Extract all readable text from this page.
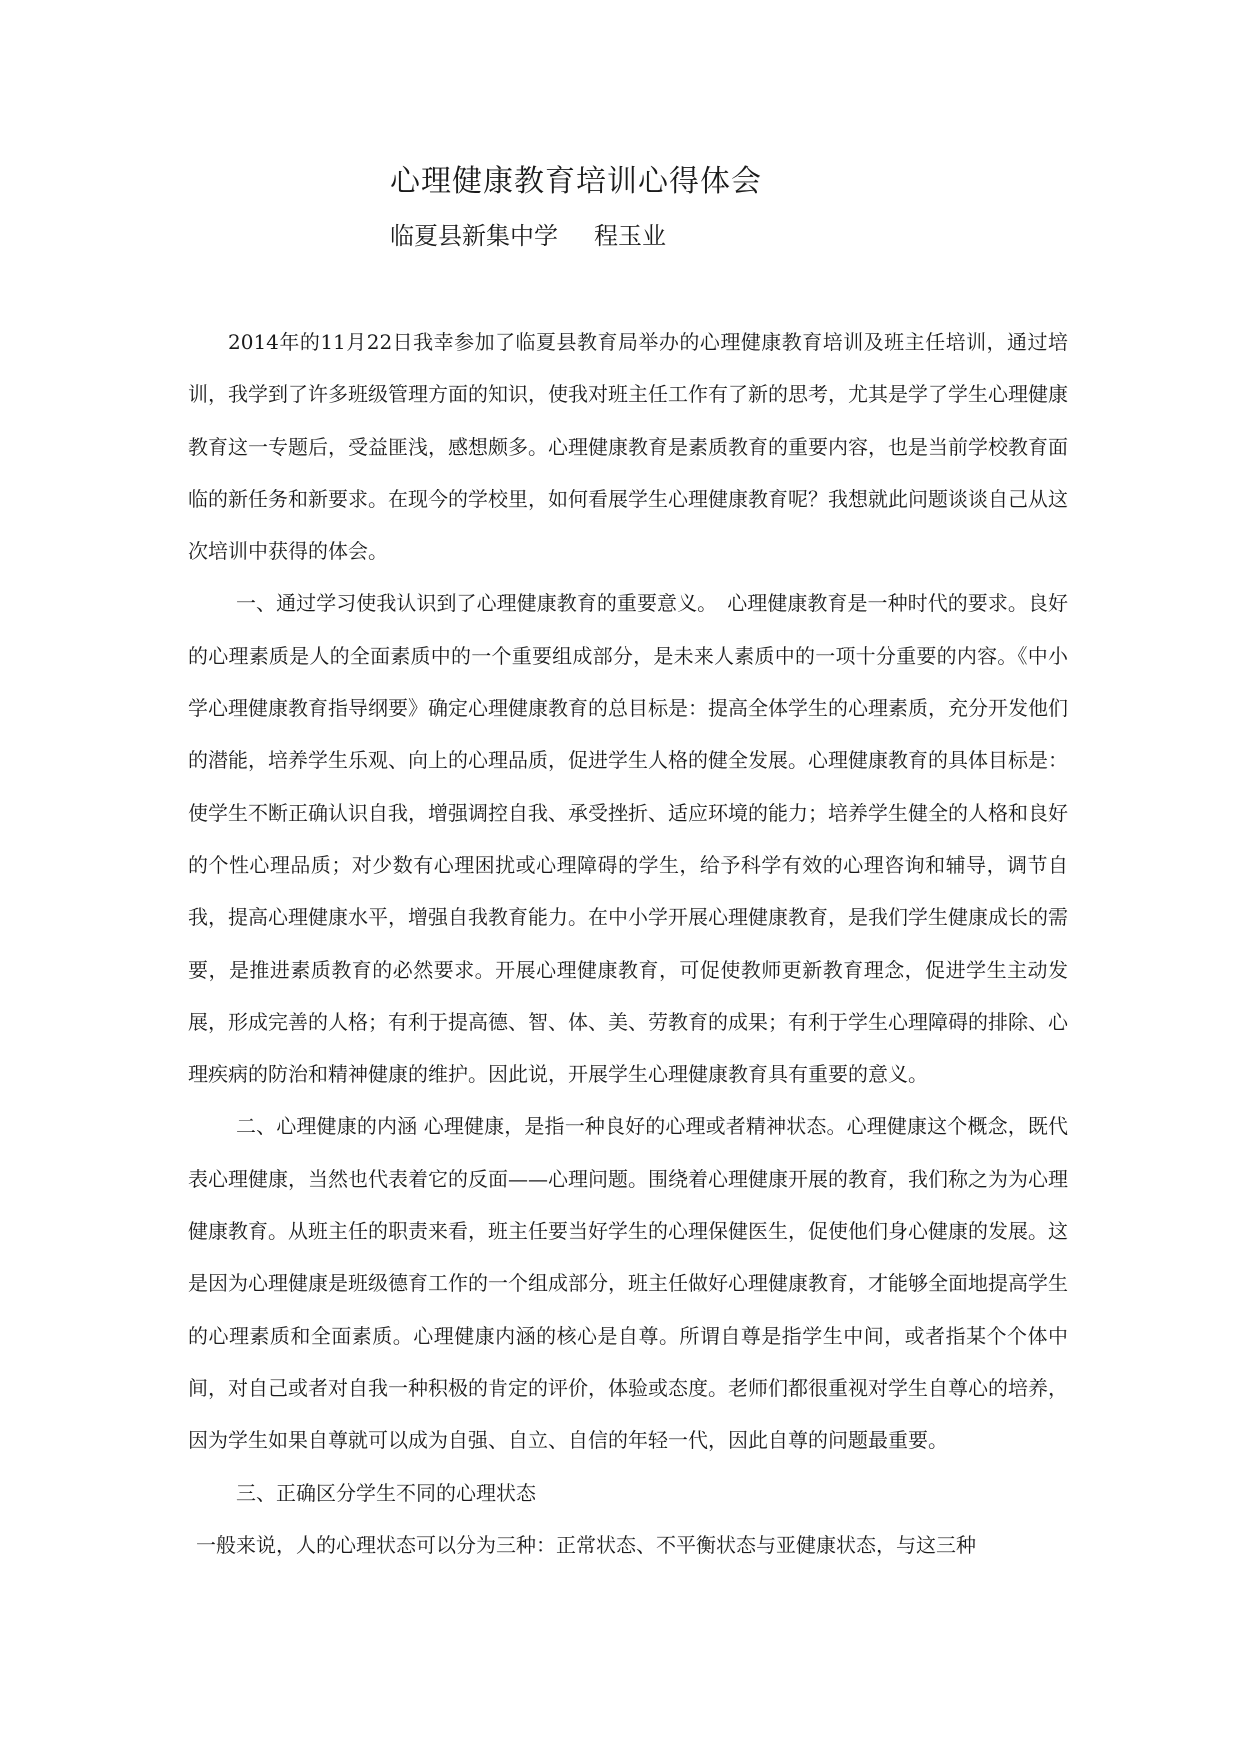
心理健康教育培训心得体会
临夏县新集中学 程玉业

2014年的11月22日我幸参加了临夏县教育局举办的心理健康教育培训及班主任培训，通过培训，我学到了许多班级管理方面的知识，使我对班主任工作有了新的思考，尤其是学了学生心理健康教育这一专题后，受益匪浅，感想颇多。心理健康教育是素质教育的重要内容，也是当前学校教育面临的新任务和新要求。在现今的学校里，如何看展学生心理健康教育呢？我想就此问题谈谈自己从这次培训中获得的体会。

一、通过学习使我认识到了心理健康教育的重要意义。　心理健康教育是一种时代的要求。良好的心理素质是人的全面素质中的一个重要组成部分，是未来人素质中的一项十分重要的内容。《中小学心理健康教育指导纲要》确定心理健康教育的总目标是：提高全体学生的心理素质，充分开发他们的潜能，培养学生乐观、向上的心理品质，促进学生人格的健全发展。心理健康教育的具体目标是：使学生不断正确认识自我，增强调控自我、承受挫折、适应环境的能力；培养学生健全的人格和良好的个性心理品质；对少数有心理困扰或心理障碍的学生，给予科学有效的心理咨询和辅导，调节自我，提高心理健康水平，增强自我教育能力。在中小学开展心理健康教育，是我们学生健康成长的需要，是推进素质教育的必然要求。开展心理健康教育，可促使教师更新教育理念，促进学生主动发展，形成完善的人格；有利于提高德、智、体、美、劳教育的成果；有利于学生心理障碍的排除、心理疾病的防治和精神健康的维护。因此说，开展学生心理健康教育具有重要的意义。

二、心理健康的内涵 心理健康，是指一种良好的心理或者精神状态。心理健康这个概念，既代表心理健康，当然也代表着它的反面——心理问题。围绕着心理健康开展的教育，我们称之为为心理健康教育。从班主任的职责来看，班主任要当好学生的心理保健医生，促使他们身心健康的发展。这是因为心理健康是班级德育工作的一个组成部分，班主任做好心理健康教育，才能够全面地提高学生的心理素质和全面素质。心理健康内涵的核心是自尊。所谓自尊是指学生中间，或者指某个个体中间，对自己或者对自我一种积极的肯定的评价，体验或态度。老师们都很重视对学生自尊心的培养，因为学生如果自尊就可以成为自强、自立、自信的年轻一代，因此自尊的问题最重要。

三、正确区分学生不同的心理状态

一般来说，人的心理状态可以分为三种：正常状态、不平衡状态与亚健康状态，与这三种
